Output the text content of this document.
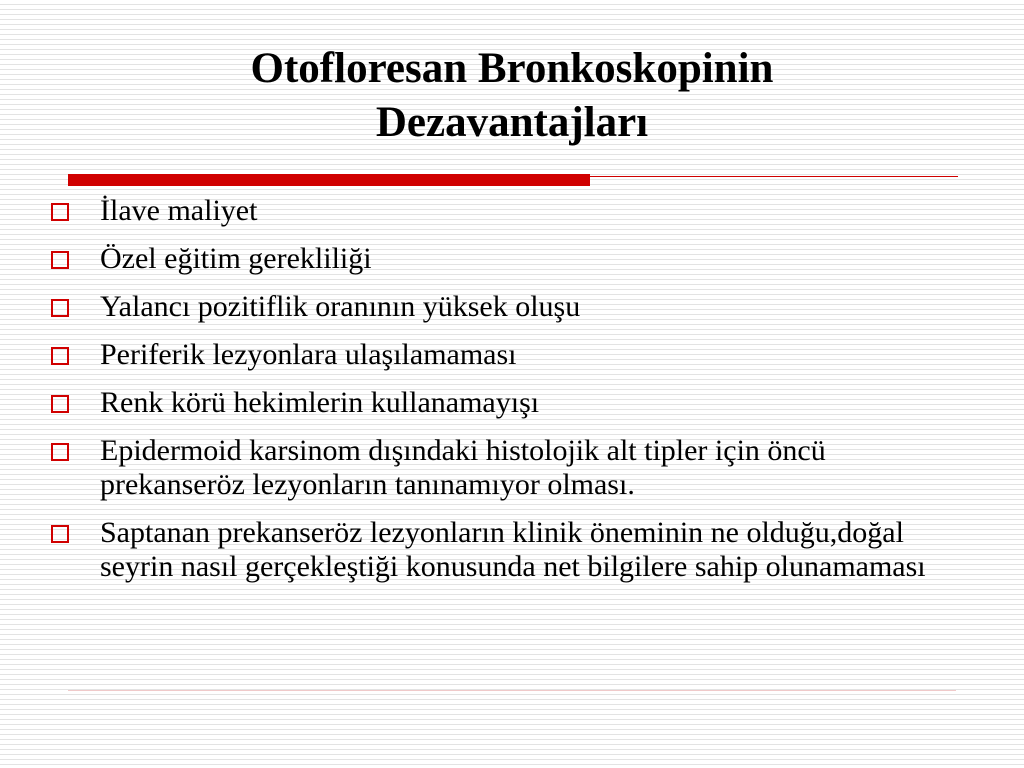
Otofloresan Bronkoskopinin
Dezavantajları
İlave maliyet
Özel eğitim gerekliliği
Yalancı pozitiflik oranının yüksek oluşu
Periferik lezyonlara ulaşılamaması
Renk körü hekimlerin kullanamayışı
Epidermoid karsinom dışındaki histolojik alt tipler için öncü prekanseröz lezyonların tanınamıyor olması.
Saptanan prekanseröz lezyonların klinik öneminin ne olduğu,doğal seyrin nasıl gerçekleştiği konusunda net bilgilere sahip olunamaması
